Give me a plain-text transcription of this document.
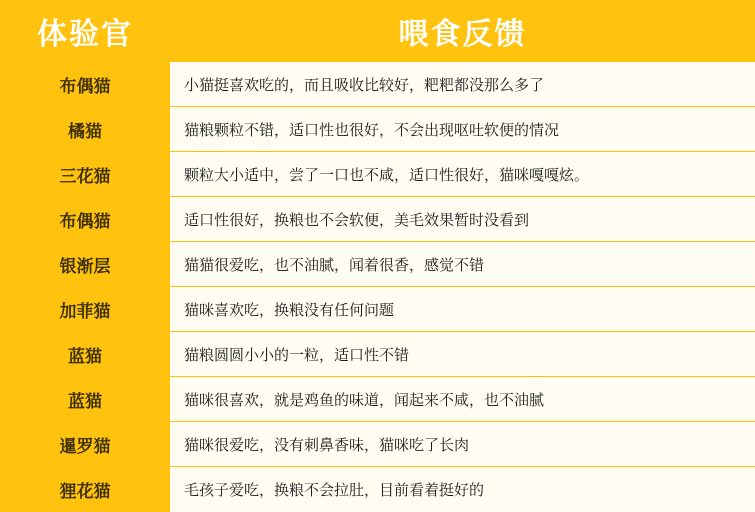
体验官	喂食反馈
布偶猫	小猫挺喜欢吃的，而且吸收比较好，粑粑都没那么多了
橘猫	猫粮颗粒不错，适口性也很好，不会出现呕吐软便的情况
三花猫	颗粒大小适中，尝了一口也不咸，适口性很好，猫咪嘎嘎炫。
布偶猫	适口性很好，换粮也不会软便，美毛效果暂时没看到
银渐层	猫猫很爱吃，也不油腻，闻着很香，感觉不错
加菲猫	猫咪喜欢吃，换粮没有任何问题
蓝猫	猫粮圆圆小小的一粒，适口性不错
蓝猫	猫咪很喜欢，就是鸡鱼的味道，闻起来不咸，也不油腻
暹罗猫	猫咪很爱吃，没有刺鼻香味，猫咪吃了长肉
狸花猫	毛孩子爱吃，换粮不会拉肚，目前看着挺好的
